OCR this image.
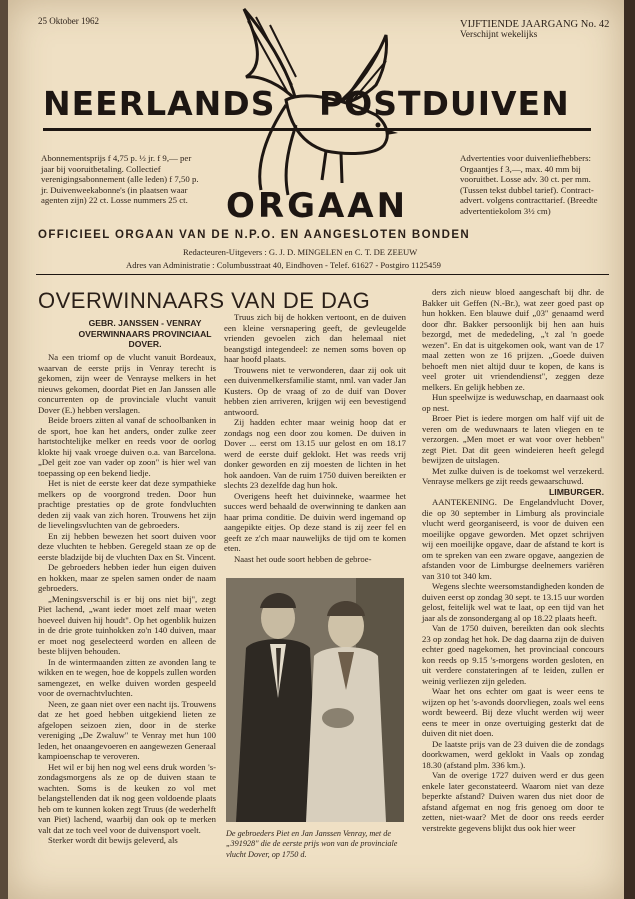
25 Oktober 1962	VIJFTIENDE JAARGANG No. 42
Verschijnt wekelijks
NEERLANDS POSTDUIVEN
ORGAAN
Abonnementsprijs f 4,75 p. ½ jr. f 9,— per jaar bij vooruitbetaling. Collectief verenigingsabonnement (alle leden) f 7,50 p. jr. Duivenweekabonne's (in plaatsen waar agenten zijn) 22 ct. Losse nummers 25 ct.
Advertenties voor duivenliefhebbers: Orgaantjes f 3,—, max. 40 mm bij vooruitbet. Losse adv. 30 ct. per mm. (Tussen tekst dubbel tarief). Contract-advert. volgens contracttarief. (Breedte advertentiekolom 3½ cm)
OFFICIEEL ORGAAN VAN DE N.P.O. EN AANGESLOTEN BONDEN
Redacteuren-Uitgevers : G. J. D. MINGELEN en C. T. DE ZEEUW
Adres van Administratie : Columbusstraat 40, Eindhoven - Telef. 61627 - Postgiro 1125459
OVERWINNAARS VAN DE DAG
GEBR. JANSSEN - VENRAY OVERWINNAARS PROVINCIAAL DOVER.

Na een triomf op de vlucht vanuit Bordeaux, waarvan de eerste prijs in Venray terecht is gekomen, zijn weer de Venrayse melkers in het nieuws gekomen, doordat Piet en Jan Janssen alle concurrenten op de provinciale vlucht vanuit Dover (E.) hebben verslagen.

Beide broers zitten al vanaf de schoolbanken in de sport, hoe kan het anders, onder zulke zeer hartstochtelijke melker en reeds voor de oorlog klokte hij vaak vroege duiven o.a. van Barcelona. „Del geit zoe van vader op zoon" is hier wel van toepassing op een bekend liedje.

Het is niet de eerste keer dat deze sympathieke melkers op de voorgrond treden. Door hun prachtige prestaties op de grote fondvluchten deden zij vaak van zich horen. Trouwens het zijn de lievelingsvluchten van de gebroeders.

En zij hebben bewezen het soort duiven voor deze vluchten te hebben. Geregeld staan ze op de eerste bladzijde bij de vluchten Dax en St. Vincent.

De gebroeders hebben ieder hun eigen duiven en hokken, maar ze spelen samen onder de naam gebroeders.

„Meningsverschil is er bij ons niet bij", zegt Piet lachend, „want ieder moet zelf maar weten hoeveel duiven hij houdt". Op het ogenblik huizen in de drie grote tuinhokken zo'n 140 duiven, maar er moet nog geselecteerd worden en alleen de beste blijven behouden.

In de wintermaanden zitten ze avonden lang te wikken en te wegen, hoe de koppels zullen worden samengezet, en welke duiven worden gespeeld voor de overnachtvluchten.

Neen, ze gaan niet over een nacht ijs. Trouwens dat ze het goed hebben uitgekiend lieten ze afgelopen seizoen zien, door in de sterke vereniging „De Zwaluw" te Venray met hun 100 leden, het onaangevoeren en aangewezen Generaal kampioenschap te veroveren.

Het wil er bij hen nog wel eens druk worden 's-zondagsmorgens als ze op de duiven staan te wachten. Soms is de keuken zo vol met belangstellenden dat ik nog geen voldoende plaats heb om te kunnen koken zegt Truus (de wederhelft van Piet) lachend, waarbij dan ook op te merken valt dat ze toch veel voor de duivensport voelt.

Sterker wordt dit bewijs geleverd, als

Truus zich bij de hokken vertoont, en de duiven een kleine versnapering geeft, de gevleugelde vrienden gevoelen zich dan helemaal niet beangstigd integendeel: ze nemen soms boven op haar hoofd plaats.

Trouwens niet te verwonderen, daar zij ook uit een duivenmelkersfamilie stamt, nml. van vader Jan Kusters. Op de vraag of zo de duif van Dover hebben zien arriveren, krijgen wij een bevestigend antwoord.

Zij hadden echter maar weinig hoop dat er zondags nog een door zou komen. De duiven in Dover ... eerst om 13.15 uur gelost en om 18.17 werd de eerste duif geklokt. Het was reeds vrij donker geworden en zij moesten de lichten in het hok aandoen. Van de ruim 1750 duiven bereikten er slechts 23 dezelfde dag hun hok.

Overigens heeft het duivinneke, waarmee het succes werd behaald de overwinning te danken aan haar prima conditie. De duivin werd ingemand op aangepikte eitjes. Op deze stand is zij zeer fel en geeft ze z'ch maar nauwelijks de tijd om te komen eten.

Naast het oude soort hebben de gebroe-

De gebroeders Piet en Jan Janssen Venray, met de „391928" die de eerste prijs won van de provinciale vlucht Dover, op 1750 d.

ders zich nieuw bloed aangeschaft bij dhr. de Bakker uit Geffen (N.-Br.), wat zeer goed past op hun hokken. Een blauwe duif „03" genaamd werd door dhr. Bakker persoonlijk bij hen aan huis bezorgd, met de mededeling, „'t zal 'n goede wezen". En dat is uitgekomen ook, want van de 17 maal zetten won ze 16 prijzen. „Goede duiven behoeft men niet altijd duur te kopen, de kans is veel groter uit vriendendienst", zeggen deze melkers. En gelijk hebben ze.

Hun speelwijze is weduwschap, en daarnaast ook op nest.

Broer Piet is iedere morgen om half vijf uit de veren om de weduwnaars te laten vliegen en te verzorgen. „Men moet er wat voor over hebben" zegt Piet. Dat dit geen windeieren heeft gelegd bewijzen de uitslagen.

Met zulke duiven is de toekomst wel verzekerd. Venrayse melkers ge zijt reeds gewaarschuwd.

LIMBURGER.

AANTEKENING. De Engelandvlucht Dover, die op 30 september in Limburg als provinciale vlucht werd georganiseerd, is voor de duiven een moeilijke opgave geworden. Met opzet schrijven wij een moeilijke opgave, daar de afstand te kort is om te spreken van een zware opgave, aangezien de afstanden voor de Limburgse deelnemers variëren van 310 tot 340 km.

Wegens slechte weersomstandigheden konden de duiven eerst op zondag 30 sept. te 13.15 uur worden gelost, feitelijk wel wat te laat, op een tijd van het jaar als de zonsondergang al op 18.22 plaats heeft.

Van de 1750 duiven, bereikten dan ook slechts 23 op zondag het hok. De dag daarna zijn de duiven echter goed nagekomen, het provinciaal concours kon reeds op 9.15 's-morgens worden gesloten, en uit verdere constateringen af te leiden, zullen er weinig verliezen zijn geleden.

Waar het ons echter om gaat is weer eens te wijzen op het 's-avonds doorvliegen, zoals wel eens wordt beweerd. Bij deze vlucht werden wij weer eens te meer in onze overtuiging gesterkt dat de duiven dit niet doen.

De laatste prijs van de 23 duiven die de zondags doorkwamen, werd geklokt in Vaals op zondag 18.30 (afstand plm. 336 km.).

Van de overige 1727 duiven werd er dus geen enkele later geconstateerd. Waarom niet van deze beperkte afstand? Duiven waren dus niet door de afstand afgemat en nog fris genoeg om door te zetten, niet-waar? Met de door ons reeds eerder verstrekte gegevens blijkt dus ook hier weer
